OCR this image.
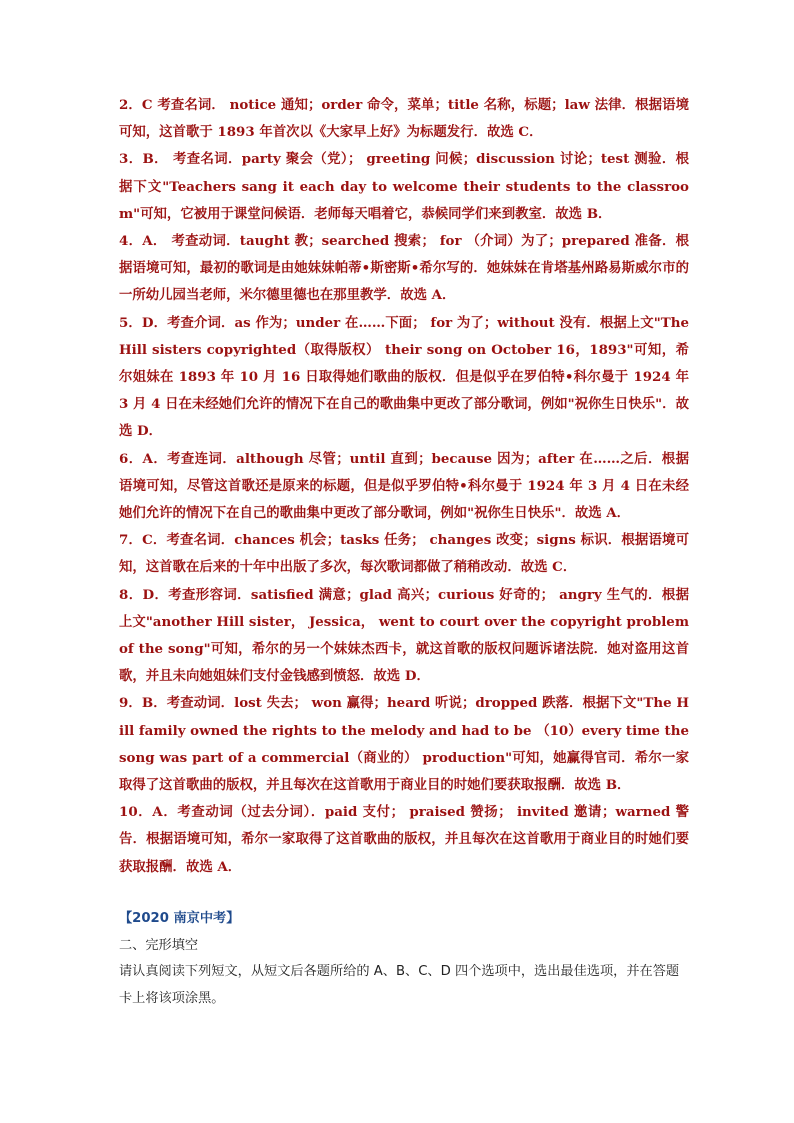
2．C 考查名词． notice 通知；order 命令，菜单；title 名称，标题；law 法律．根据语境可知，这首歌于 1893 年首次以《大家早上好》为标题发行．故选 C．

3．B． 考查名词．party 聚会（党）； greeting 问候；discussion 讨论；test 测验．根据下文"Teachers sang it each day to welcome their students to the classroom"可知，它被用于课堂问候语．老师每天唱着它，恭候同学们来到教室．故选 B．

4．A． 考查动词．taught 教；searched 搜索； for （介词）为了；prepared 准备．根据语境可知，最初的歌词是由她妹妹帕蒂•斯密斯•希尔写的．她妹妹在肯塔基州路易斯威尔市的一所幼儿园当老师，米尔德里德也在那里教学．故选 A．

5．D．考查介词．as 作为；under 在……下面； for 为了；without 没有．根据上文"The Hill sisters copyrighted（取得版权） their song on October 16，1893"可知，希尔姐妹在 1893 年 10 月 16 日取得她们歌曲的版权．但是似乎在罗伯特•科尔曼于 1924 年 3 月 4 日在未经她们允许的情况下在自己的歌曲集中更改了部分歌词，例如"祝你生日快乐"．故选 D．

6．A．考查连词．although 尽管；until 直到；because 因为；after 在……之后．根据语境可知，尽管这首歌还是原来的标题，但是似乎罗伯特•科尔曼于 1924 年 3 月 4 日在未经她们允许的情况下在自己的歌曲集中更改了部分歌词，例如"祝你生日快乐"．故选 A．

7．C．考查名词．chances 机会；tasks 任务； changes 改变；signs 标识．根据语境可知，这首歌在后来的十年中出版了多次，每次歌词都做了稍稍改动．故选 C．

8．D．考查形容词．satisfied 满意；glad 高兴；curious 好奇的； angry 生气的．根据上文"another Hill sister， Jessica， went to court over the copyright problem of the song"可知，希尔的另一个妹妹杰西卡，就这首歌的版权问题诉诸法院．她对盗用这首歌，并且未向她姐妹们支付金钱感到愤怒．故选 D．

9．B．考查动词．lost 失去； won 赢得；heard 听说；dropped 跌落．根据下文"The Hill family owned the rights to the melody and had to be （10）every time the song was part of a commercial（商业的） production"可知，她赢得官司．希尔一家取得了这首歌曲的版权，并且每次在这首歌用于商业目的时她们要获取报酬．故选 B．

10．A．考查动词（过去分词）．paid 支付； praised 赞扬； invited 邀请；warned 警告．根据语境可知，希尔一家取得了这首歌曲的版权，并且每次在这首歌用于商业目的时她们要获取报酬．故选 A．

【2020 南京中考】

二、完形填空

请认真阅读下列短文，从短文后各题所给的 A、B、C、D 四个选项中，选出最佳选项，并在答题卡上将该项涂黑。
